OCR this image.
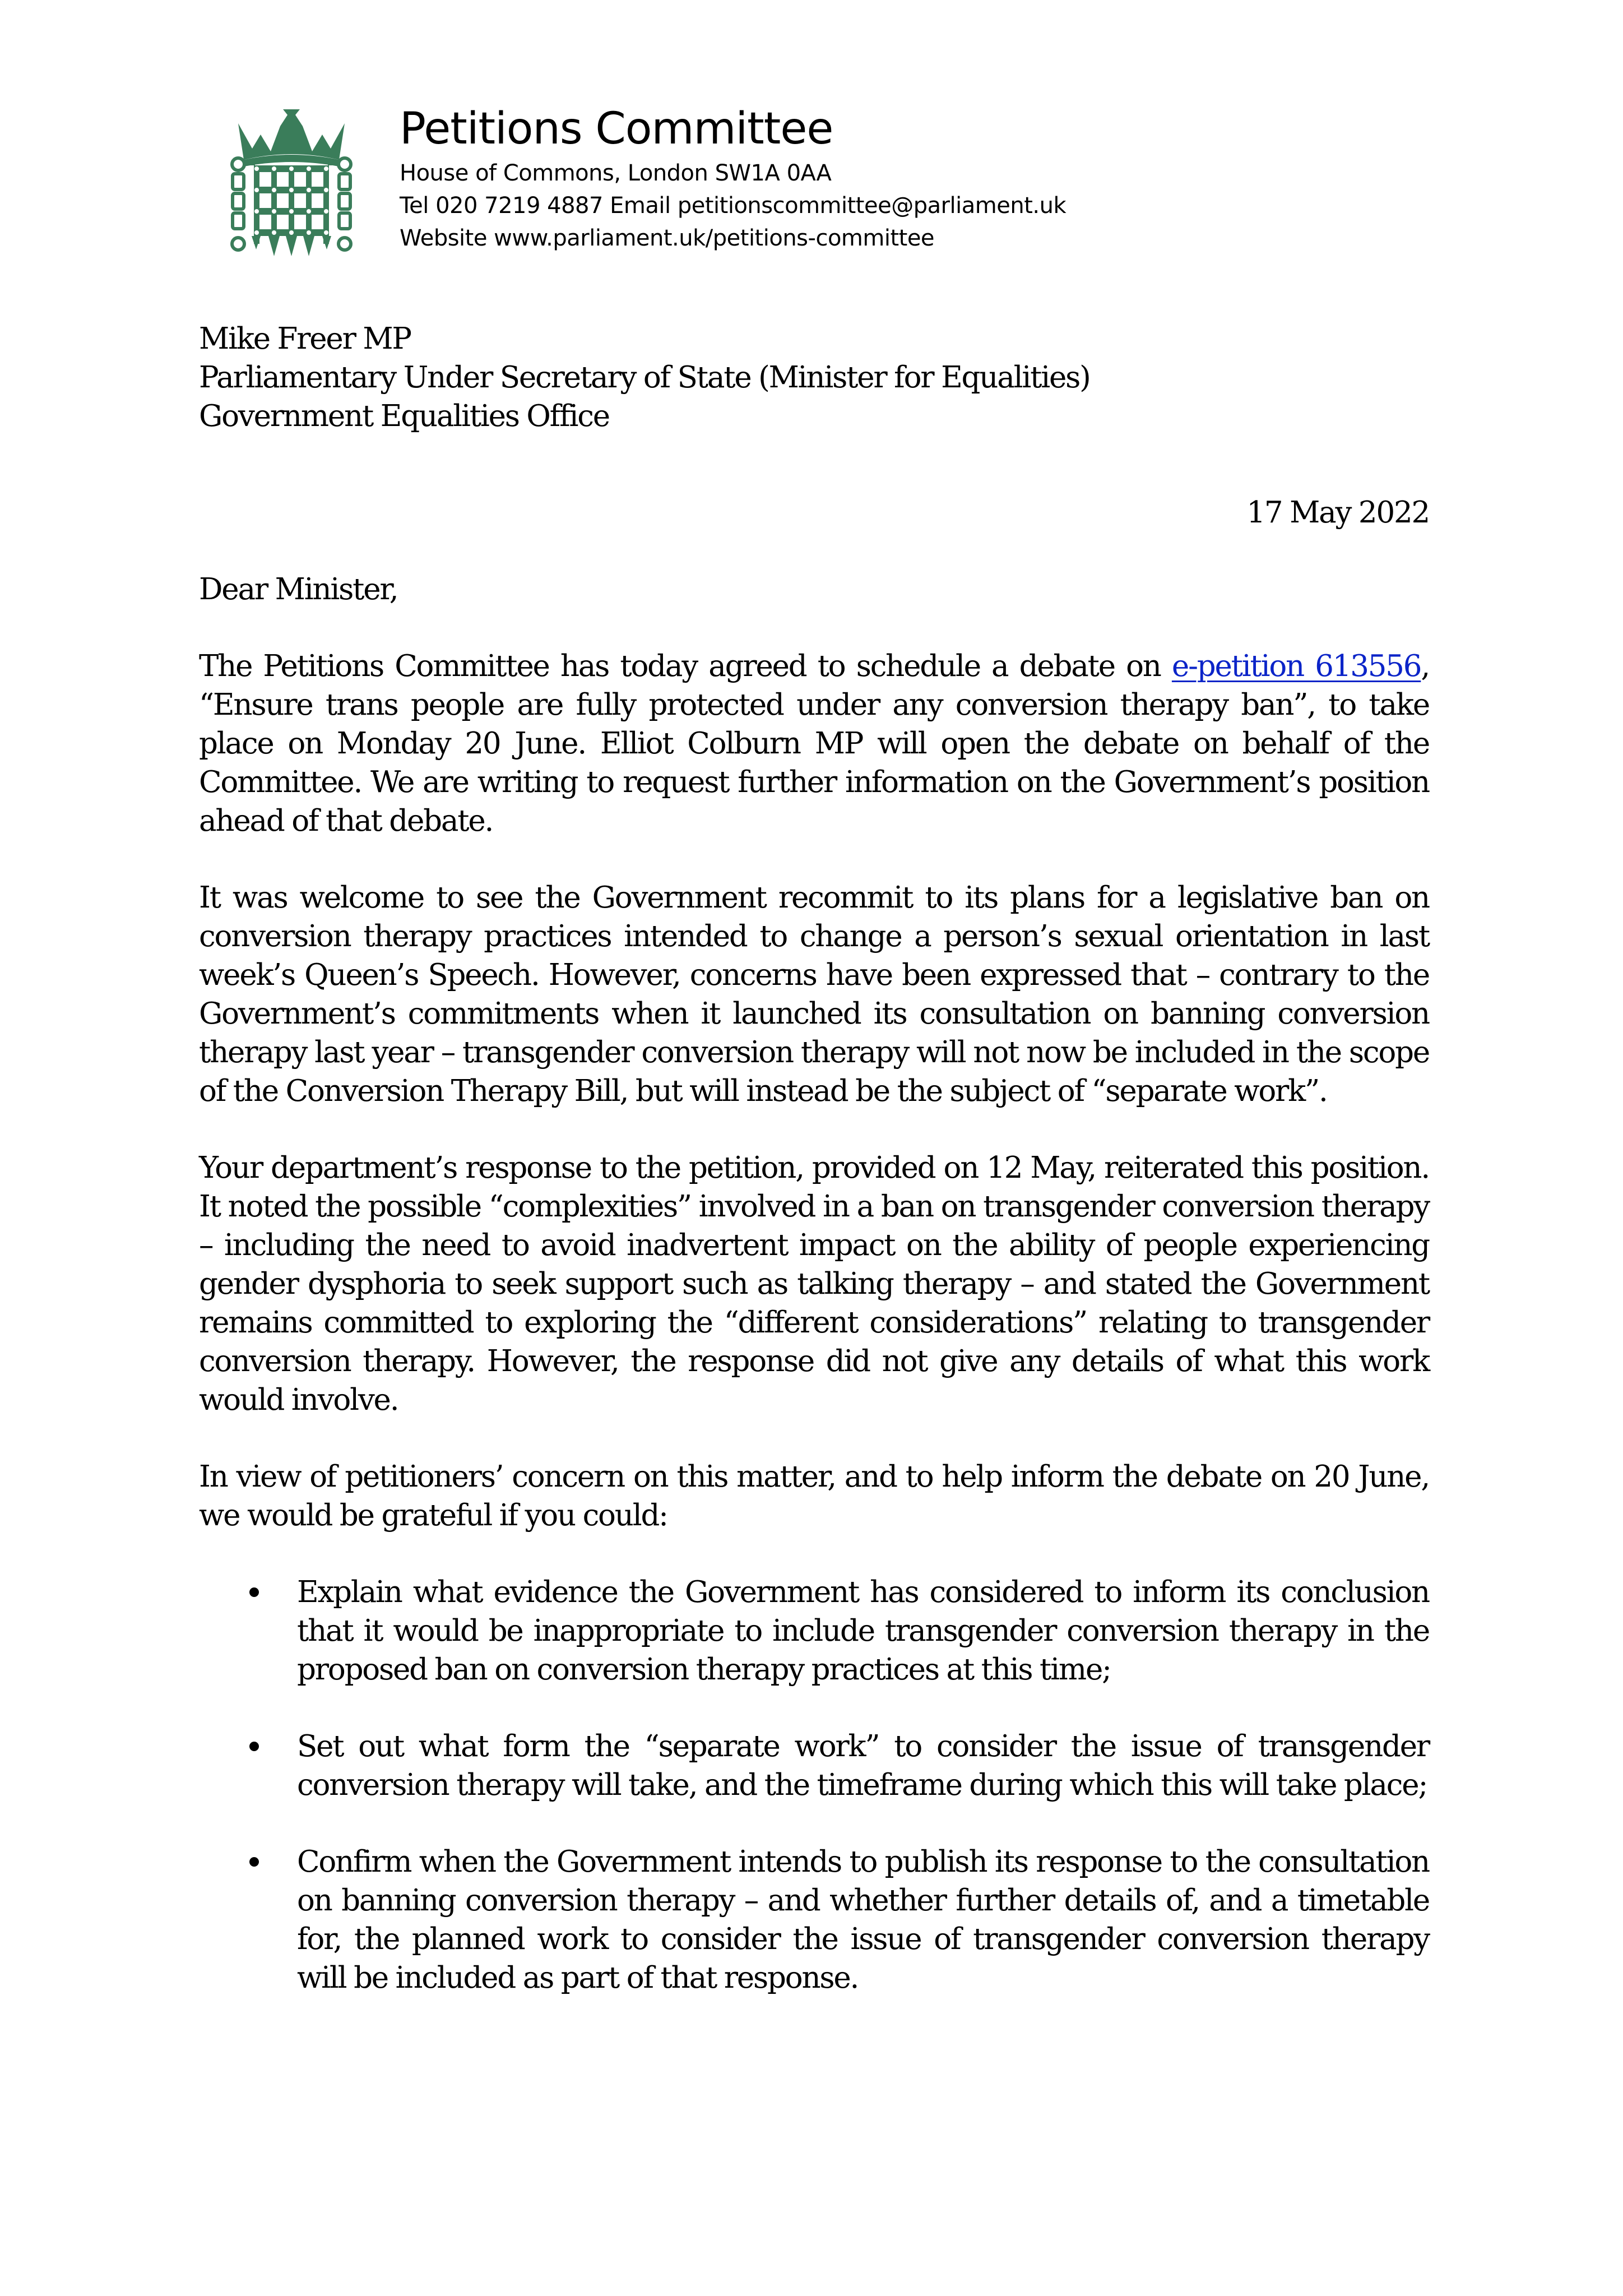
Petitions Committee
House of Commons, London SW1A 0AA
Tel 020 7219 4887 Email petitionscommittee@parliament.uk
Website www.parliament.uk/petitions-committee
Mike Freer MP
Parliamentary Under Secretary of State (Minister for Equalities)
Government Equalities Office
17 May 2022
Dear Minister,

The Petitions Committee has today agreed to schedule a debate on e-petition 613556, “Ensure trans people are fully protected under any conversion therapy ban”, to take place on Monday 20 June. Elliot Colburn MP will open the debate on behalf of the Committee. We are writing to request further information on the Government’s position ahead of that debate.

It was welcome to see the Government recommit to its plans for a legislative ban on conversion therapy practices intended to change a person’s sexual orientation in last week’s Queen’s Speech. However, concerns have been expressed that – contrary to the Government’s commitments when it launched its consultation on banning conversion therapy last year – transgender conversion therapy will not now be included in the scope of the Conversion Therapy Bill, but will instead be the subject of “separate work”.

Your department’s response to the petition, provided on 12 May, reiterated this position. It noted the possible “complexities” involved in a ban on transgender conversion therapy – including the need to avoid inadvertent impact on the ability of people experiencing gender dysphoria to seek support such as talking therapy – and stated the Government remains committed to exploring the “different considerations” relating to transgender conversion therapy. However, the response did not give any details of what this work would involve.

In view of petitioners’ concern on this matter, and to help inform the debate on 20 June, we would be grateful if you could:

Explain what evidence the Government has considered to inform its conclusion that it would be inappropriate to include transgender conversion therapy in the proposed ban on conversion therapy practices at this time;
Set out what form the “separate work” to consider the issue of transgender conversion therapy will take, and the timeframe during which this will take place;
Confirm when the Government intends to publish its response to the consultation on banning conversion therapy – and whether further details of, and a timetable for, the planned work to consider the issue of transgender conversion therapy will be included as part of that response.
